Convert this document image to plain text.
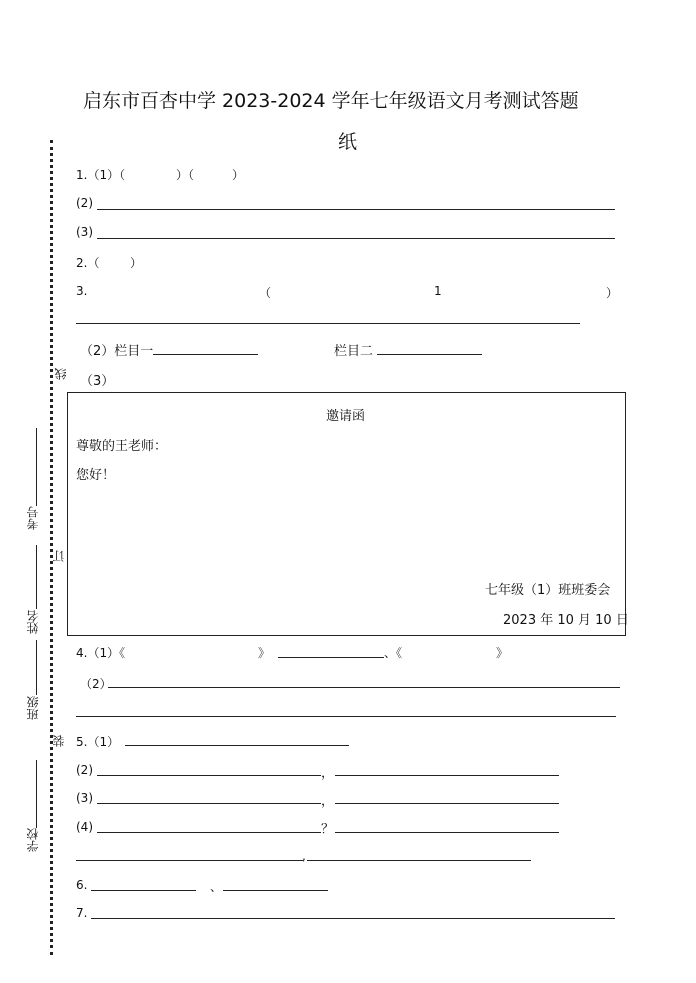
启东市百杏中学 2023-2024 学年七年级语文月考测试答题
纸
线
订
装
考号
姓名
班级
学校
1.（1）（	）（	）
(2)
(3)
2.（	）
3.	（	1	）
（2）栏目一	栏目二
（3）
邀请函
尊敬的王老师：
您好！
七年级（1）班班委会
2023 年 10 月 10 日
4.（1）《	》	、《	》
（2）
5.（1）
(2)	，
(3)	，
(4)	？
,
6.	、
7.
